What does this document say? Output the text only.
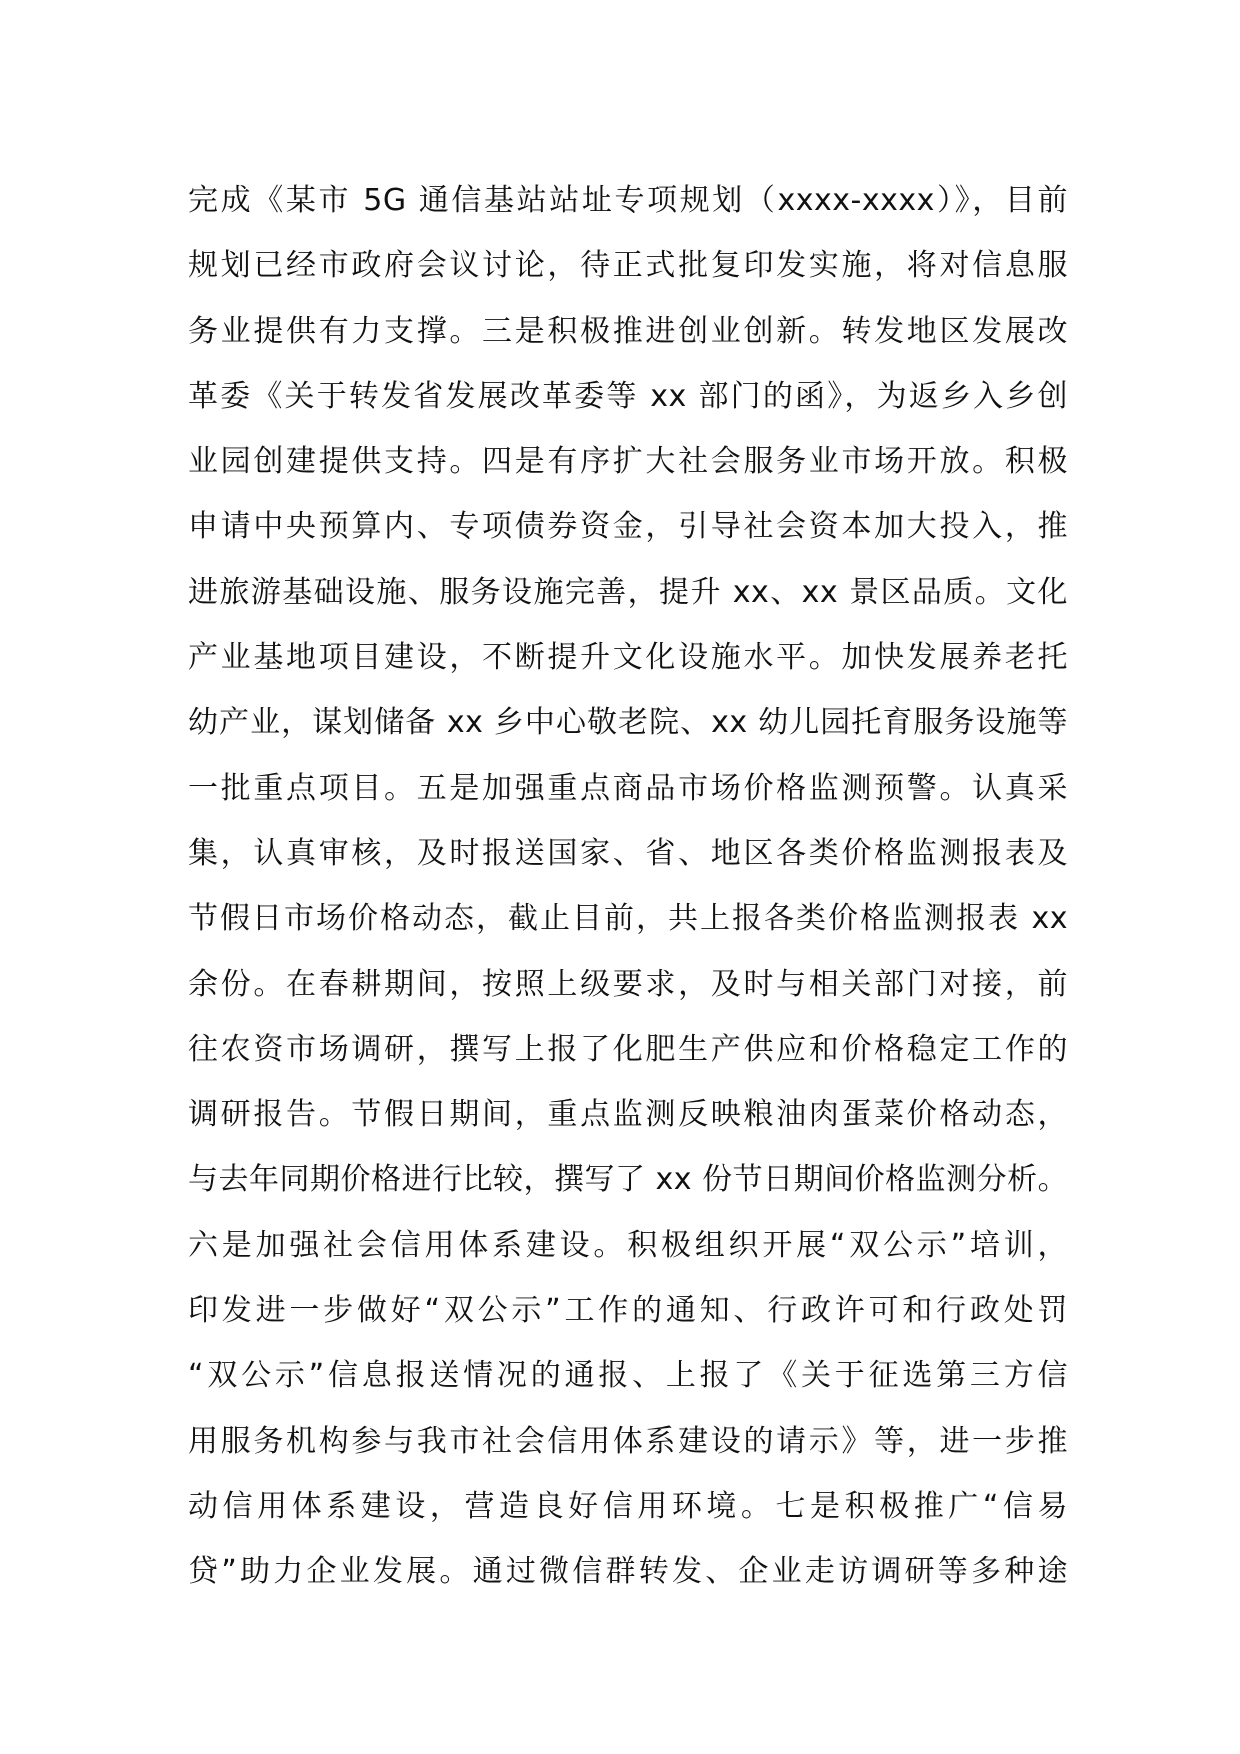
完成《某市 5G 通信基站站址专项规划（xxxx-xxxx）》，目前
规划已经市政府会议讨论，待正式批复印发实施，将对信息服
务业提供有力支撑。三是积极推进创业创新。转发地区发展改
革委《关于转发省发展改革委等 xx 部门的函》，为返乡入乡创
业园创建提供支持。四是有序扩大社会服务业市场开放。积极
申请中央预算内、专项债券资金，引导社会资本加大投入，推
进旅游基础设施、服务设施完善，提升 xx、xx 景区品质。文化
产业基地项目建设，不断提升文化设施水平。加快发展养老托
幼产业，谋划储备 xx 乡中心敬老院、xx 幼儿园托育服务设施等
一批重点项目。五是加强重点商品市场价格监测预警。认真采
集，认真审核，及时报送国家、省、地区各类价格监测报表及
节假日市场价格动态，截止目前，共上报各类价格监测报表 xx
余份。在春耕期间，按照上级要求，及时与相关部门对接，前
往农资市场调研，撰写上报了化肥生产供应和价格稳定工作的
调研报告。节假日期间，重点监测反映粮油肉蛋菜价格动态，
与去年同期价格进行比较，撰写了 xx 份节日期间价格监测分析。
六是加强社会信用体系建设。积极组织开展“双公示”培训，
印发进一步做好“双公示”工作的通知、行政许可和行政处罚
“双公示”信息报送情况的通报、上报了《关于征选第三方信
用服务机构参与我市社会信用体系建设的请示》等，进一步推
动信用体系建设，营造良好信用环境。七是积极推广“信易
贷”助力企业发展。通过微信群转发、企业走访调研等多种途
